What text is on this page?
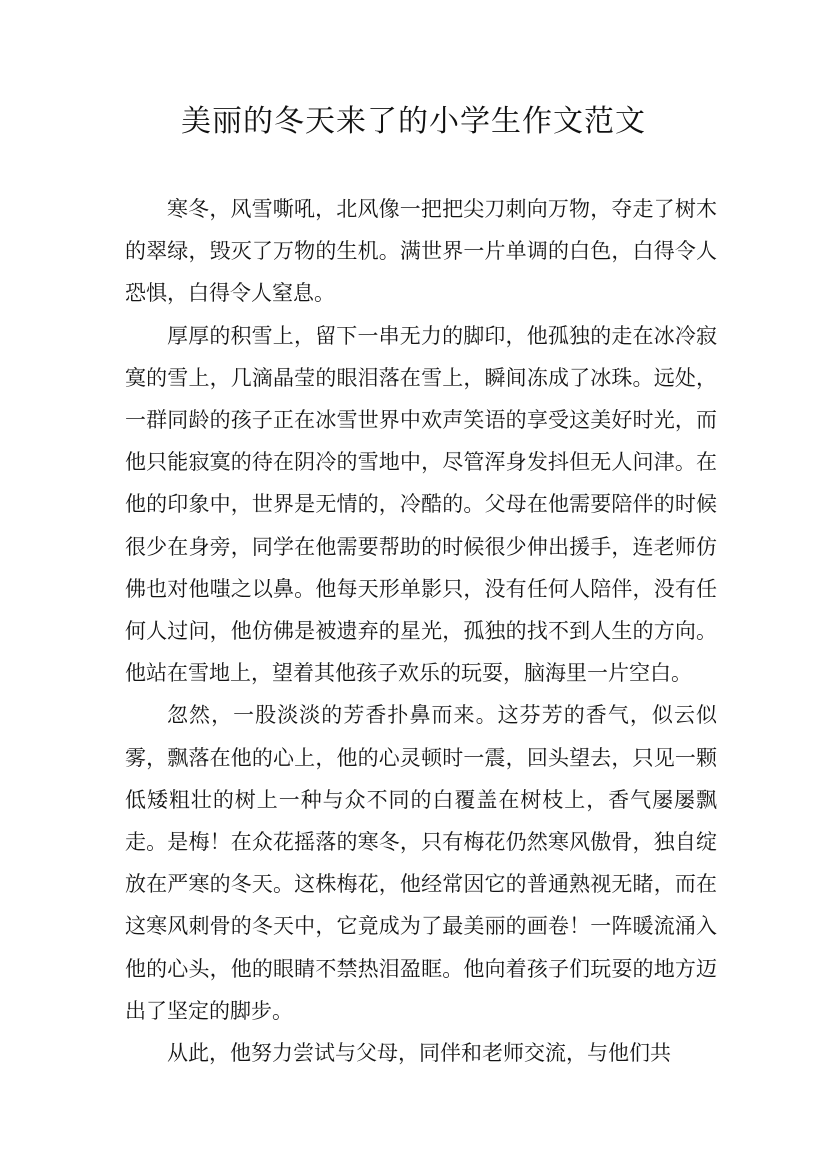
美丽的冬天来了的小学生作文范文

寒冬，风雪嘶吼，北风像一把把尖刀刺向万物，夺走了树木的翠绿，毁灭了万物的生机。满世界一片单调的白色，白得令人恐惧，白得令人窒息。

厚厚的积雪上，留下一串无力的脚印，他孤独的走在冰冷寂寞的雪上，几滴晶莹的眼泪落在雪上，瞬间冻成了冰珠。远处，一群同龄的孩子正在冰雪世界中欢声笑语的享受这美好时光，而他只能寂寞的待在阴冷的雪地中，尽管浑身发抖但无人问津。在他的印象中，世界是无情的，冷酷的。父母在他需要陪伴的时候很少在身旁，同学在他需要帮助的时候很少伸出援手，连老师仿佛也对他嗤之以鼻。他每天形单影只，没有任何人陪伴，没有任何人过问，他仿佛是被遗弃的星光，孤独的找不到人生的方向。他站在雪地上，望着其他孩子欢乐的玩耍，脑海里一片空白。

忽然，一股淡淡的芳香扑鼻而来。这芬芳的香气，似云似雾，飘落在他的心上，他的心灵顿时一震，回头望去，只见一颗低矮粗壮的树上一种与众不同的白覆盖在树枝上，香气屡屡飘走。是梅！在众花摇落的寒冬，只有梅花仍然寒风傲骨，独自绽放在严寒的冬天。这株梅花，他经常因它的普通熟视无睹，而在这寒风刺骨的冬天中，它竟成为了最美丽的画卷！一阵暖流涌入他的心头，他的眼睛不禁热泪盈眶。他向着孩子们玩耍的地方迈出了坚定的脚步。

从此，他努力尝试与父母，同伴和老师交流，与他们共
